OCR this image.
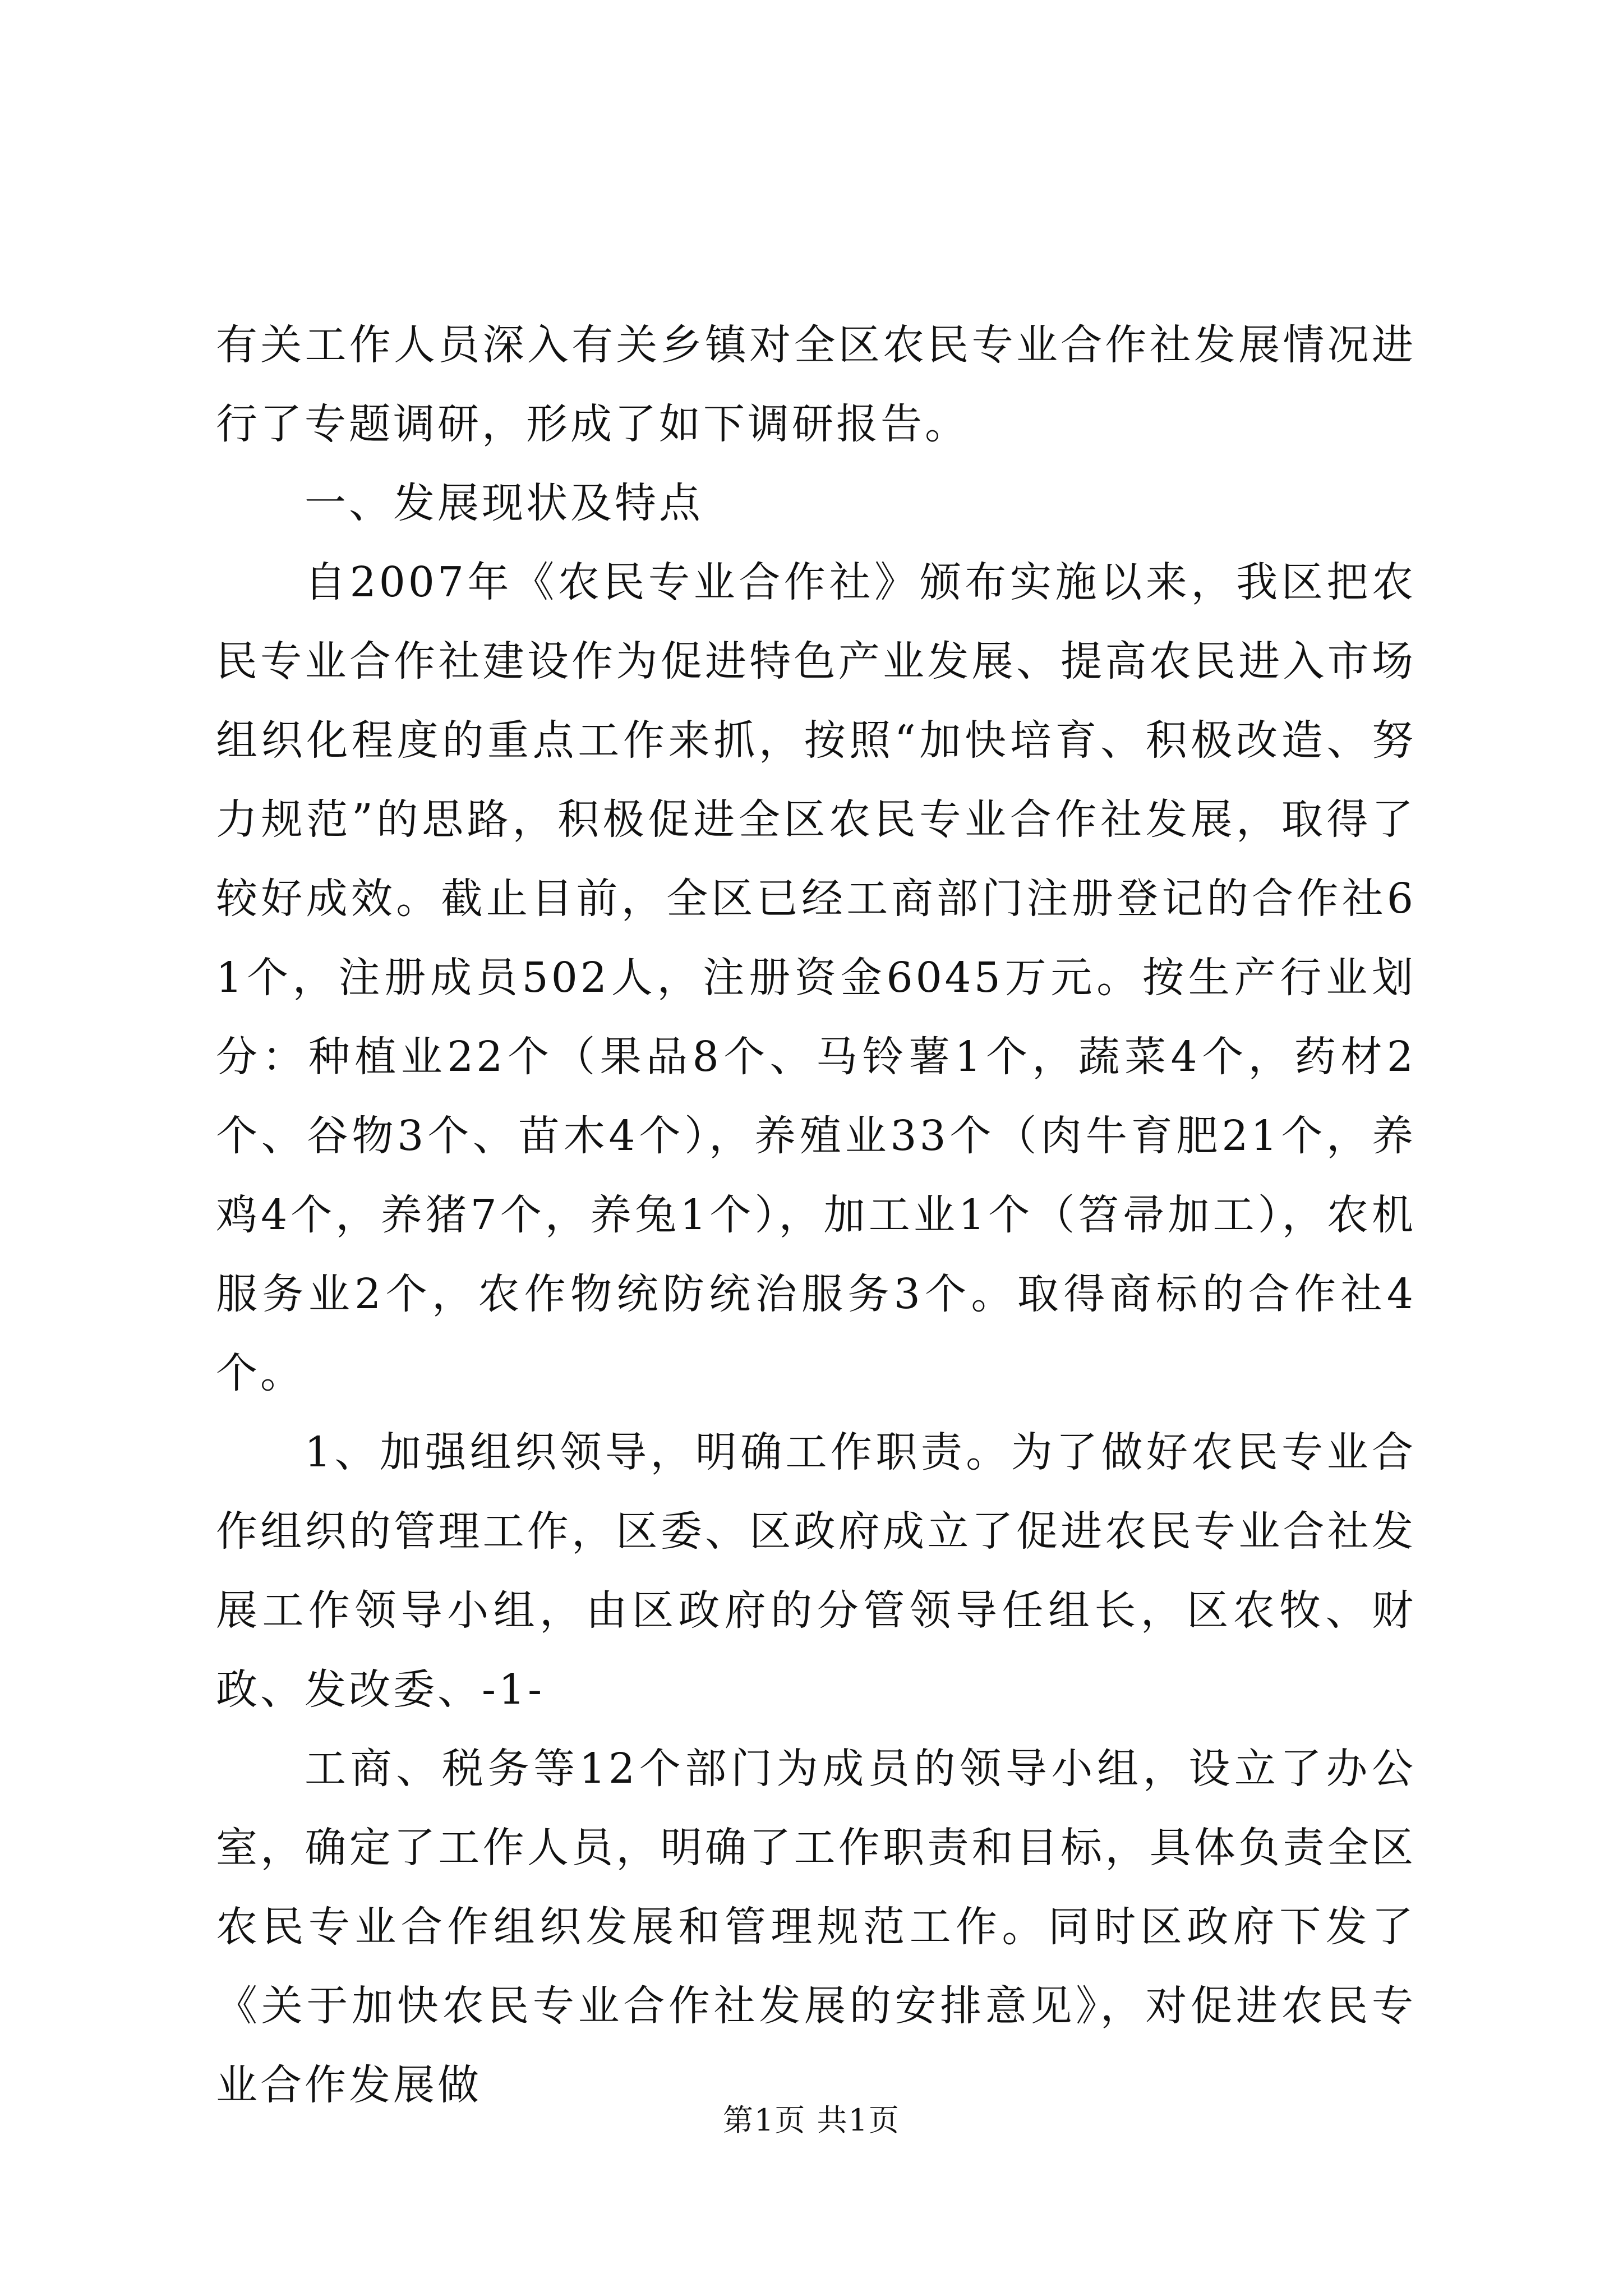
有关工作人员深入有关乡镇对全区农民专业合作社发展情况进行了专题调研，形成了如下调研报告。

一、发展现状及特点

自2007年《农民专业合作社》颁布实施以来，我区把农民专业合作社建设作为促进特色产业发展、提高农民进入市场组织化程度的重点工作来抓，按照“加快培育、积极改造、努力规范”的思路，积极促进全区农民专业合作社发展，取得了较好成效。截止目前，全区已经工商部门注册登记的合作社61个，注册成员502人，注册资金6045万元。按生产行业划分：种植业22个（果品8个、马铃薯1个，蔬菜4个，药材2个、谷物3个、苗木4个），养殖业33个（肉牛育肥21个，养鸡4个，养猪7个，养兔1个），加工业1个（笤帚加工），农机服务业2个，农作物统防统治服务3个。取得商标的合作社4个。

1、加强组织领导，明确工作职责。为了做好农民专业合作组织的管理工作，区委、区政府成立了促进农民专业合社发展工作领导小组，由区政府的分管领导任组长，区农牧、财政、发改委、-1-

工商、税务等12个部门为成员的领导小组，设立了办公室，确定了工作人员，明确了工作职责和目标，具体负责全区农民专业合作组织发展和管理规范工作。同时区政府下发了《关于加快农民专业合作社发展的安排意见》，对促进农民专业合作发展做

第1页 共1页
